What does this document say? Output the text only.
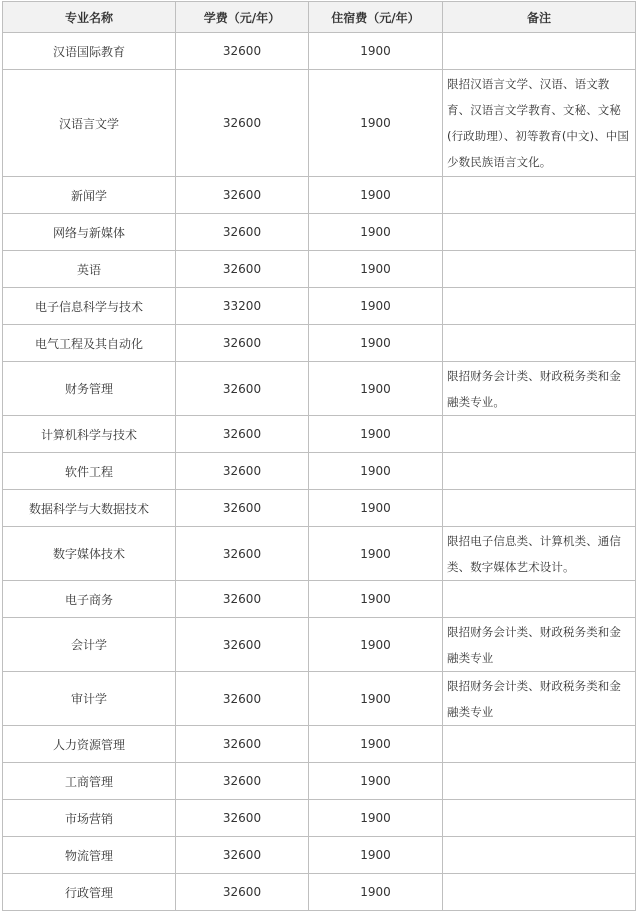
专业名称	学费（元/年）	住宿费（元/年）	备注
汉语国际教育	32600	1900	
汉语言文学	32600	1900	限招汉语言文学、汉语、语文教育、汉语言文学教育、文秘、文秘(行政助理）、初等教育(中文)、中国少数民族语言文化。
新闻学	32600	1900	
网络与新媒体	32600	1900	
英语	32600	1900	
电子信息科学与技术	33200	1900	
电气工程及其自动化	32600	1900	
财务管理	32600	1900	限招财务会计类、财政税务类和金融类专业。
计算机科学与技术	32600	1900	
软件工程	32600	1900	
数据科学与大数据技术	32600	1900	
数字媒体技术	32600	1900	限招电子信息类、计算机类、通信类、数字媒体艺术设计。
电子商务	32600	1900	
会计学	32600	1900	限招财务会计类、财政税务类和金融类专业
审计学	32600	1900	限招财务会计类、财政税务类和金融类专业
人力资源管理	32600	1900	
工商管理	32600	1900	
市场营销	32600	1900	
物流管理	32600	1900	
行政管理	32600	1900	
